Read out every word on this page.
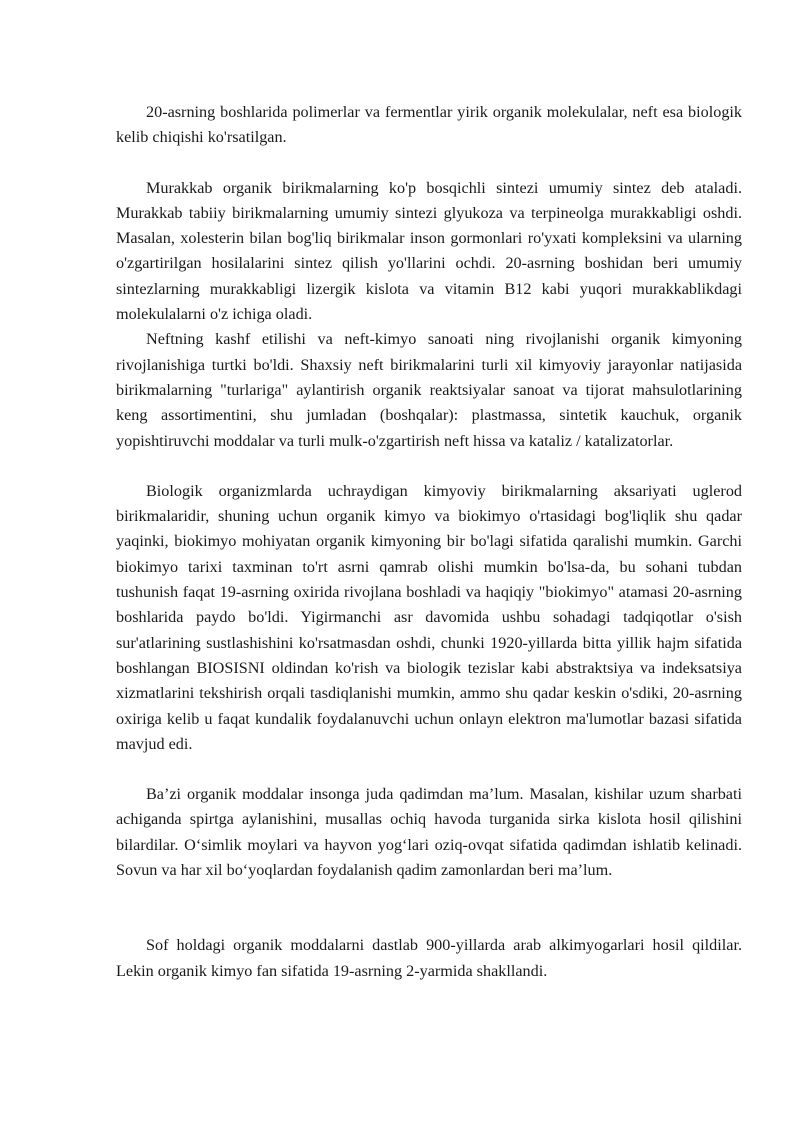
20-asrning boshlarida polimerlar va fermentlar yirik organik molekulalar, neft esa biologik kelib chiqishi ko'rsatilgan.

Murakkab organik birikmalarning ko'p bosqichli sintezi umumiy sintez deb ataladi. Murakkab tabiiy birikmalarning umumiy sintezi glyukoza va terpineolga murakkabligi oshdi. Masalan, xolesterin bilan bog'liq birikmalar inson gormonlari ro'yxati kompleksini va ularning o'zgartirilgan hosilalarini sintez qilish yo'llarini ochdi. 20-asrning boshidan beri umumiy sintezlarning murakkabligi lizergik kislota va vitamin B12 kabi yuqori murakkablikdagi molekulalarni o'z ichiga oladi.

Neftning kashf etilishi va neft-kimyo sanoati ning rivojlanishi organik kimyoning rivojlanishiga turtki bo'ldi. Shaxsiy neft birikmalarini turli xil kimyoviy jarayonlar natijasida birikmalarning "turlariga" aylantirish organik reaktsiyalar sanoat va tijorat mahsulotlarining keng assortimentini, shu jumladan (boshqalar): plastmassa, sintetik kauchuk, organik yopishtiruvchi moddalar va turli mulk-o'zgartirish neft hissa va kataliz / katalizatorlar.

Biologik organizmlarda uchraydigan kimyoviy birikmalarning aksariyati uglerod birikmalaridir, shuning uchun organik kimyo va biokimyo o'rtasidagi bog'liqlik shu qadar yaqinki, biokimyo mohiyatan organik kimyoning bir bo'lagi sifatida qaralishi mumkin. Garchi biokimyo tarixi taxminan to'rt asrni qamrab olishi mumkin bo'lsa-da, bu sohani tubdan tushunish faqat 19-asrning oxirida rivojlana boshladi va haqiqiy "biokimyo" atamasi 20-asrning boshlarida paydo bo'ldi. Yigirmanchi asr davomida ushbu sohadagi tadqiqotlar o'sish sur'atlarining sustlashishini ko'rsatmasdan oshdi, chunki 1920-yillarda bitta yillik hajm sifatida boshlangan BIOSISNI oldindan ko'rish va biologik tezislar kabi abstraktsiya va indeksatsiya xizmatlarini tekshirish orqali tasdiqlanishi mumkin, ammo shu qadar keskin o'sdiki, 20-asrning oxiriga kelib u faqat kundalik foydalanuvchi uchun onlayn elektron ma'lumotlar bazasi sifatida mavjud edi.

Ba’zi organik moddalar insonga juda qadimdan ma’lum. Masalan, kishilar uzum sharbati achiganda spirtga aylanishini, musallas ochiq havoda turganida sirka kislota hosil qilishini bilardilar. O‘simlik moylari va hayvon yog‘lari oziq-ovqat sifatida qadimdan ishlatib kelinadi. Sovun va har xil bo‘yoqlardan foydalanish qadim zamonlardan beri ma’lum.

Sof holdagi organik moddalarni dastlab 900-yillarda arab alkimyogarlari hosil qildilar. Lekin organik kimyo fan sifatida 19-asrning 2-yarmida shakllandi.
